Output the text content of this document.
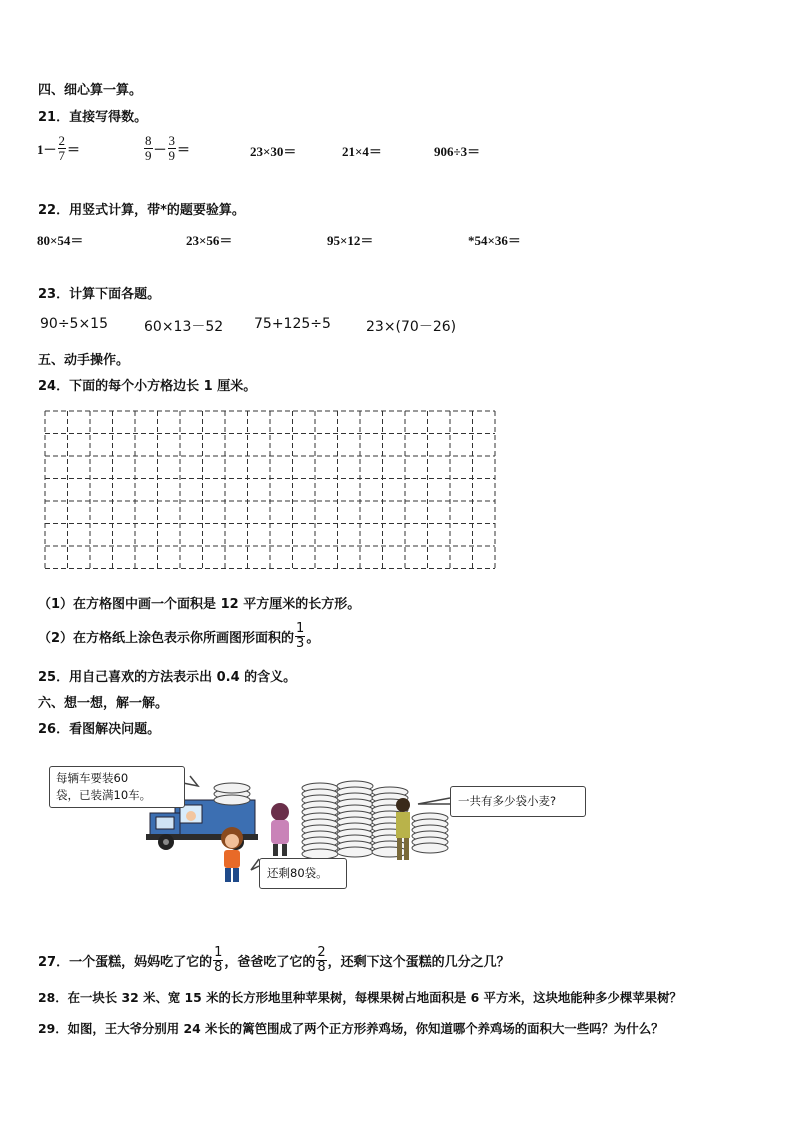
四、细心算一算。
21．直接写得数。
$1- \frac{2}{7}$ ＝	$\frac{8}{9} - \frac{3}{9}$ ＝	23×30＝	21×4＝	906÷3＝
22．用竖式计算，带*的题要验算。
80×54＝	23×56＝	95×12＝	*54×36＝
23．计算下面各题。
90÷5×15	60×13－52 75+125÷5	23×(70－26)
五、动手操作。
24．下面的每个小方格边长 1 厘米。
（1）在方格图中画一个面积是 12 平方厘米的长方形。
（2）在方格纸上涂色表示你所画图形面积的 $\frac{1}{3}$ 。
25．用自己喜欢的方法表示出 0.4 的含义。
六、想一想，解一解。
26．看图解决问题。
每辆车要装60
袋，已装满10车。	一共有多少袋小麦?
还剩80袋。
27．一个蛋糕，妈妈吃了它的 $\frac{1}{8}$ ，爸爸吃了它的 $\frac{2}{8}$ ，还剩下这个蛋糕的几分之几？
28．在一块长 32 米、宽 15 米的长方形地里种苹果树，每棵果树占地面积是 6 平方米，这块地能种多少棵苹果树？
29．如图，王大爷分别用 24 米长的篱笆围成了两个正方形养鸡场，你知道哪个养鸡场的面积大一些吗？为什么？
